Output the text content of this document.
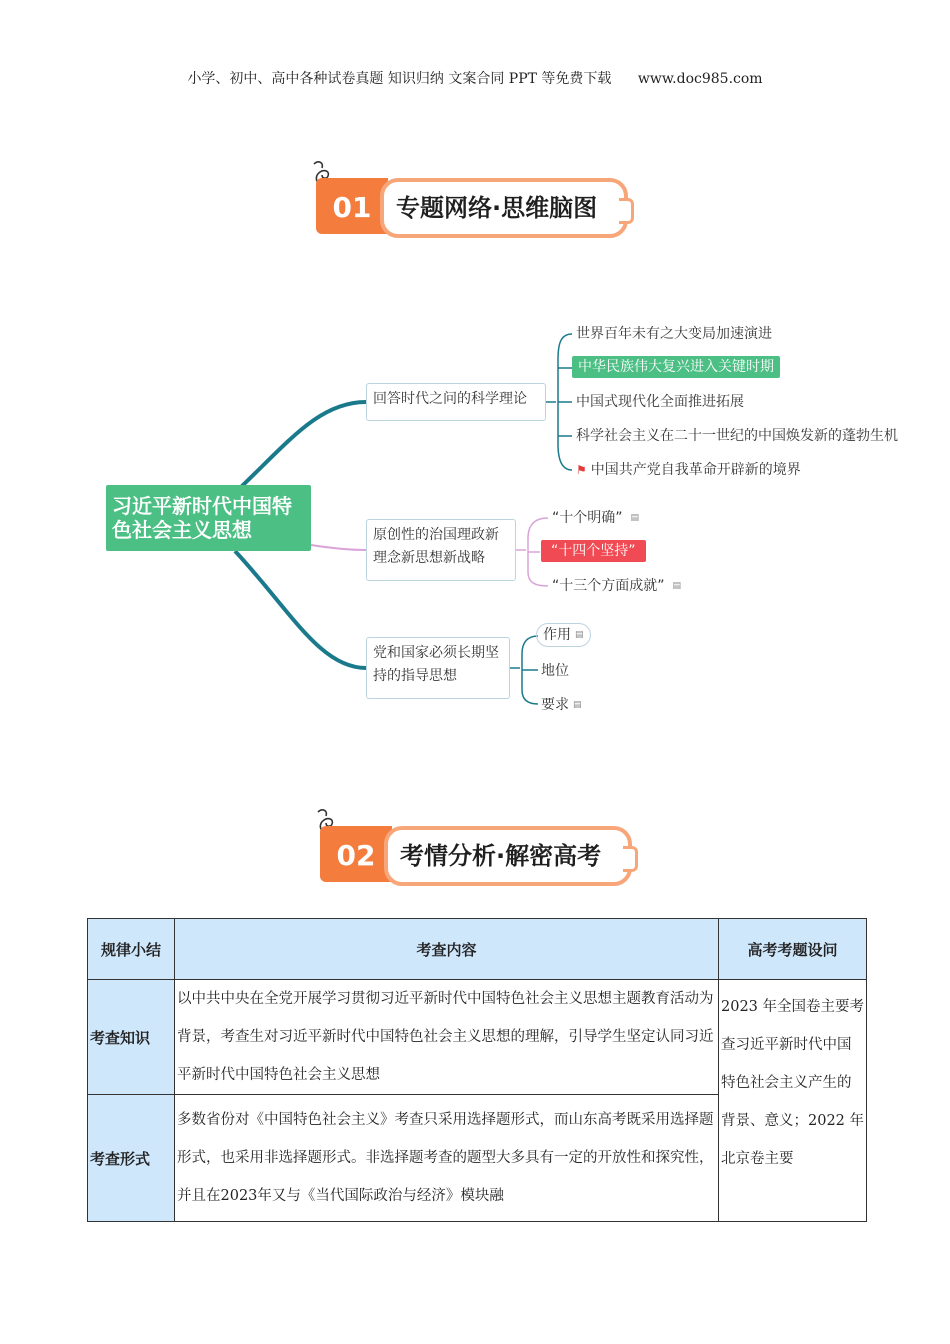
小学、初中、高中各种试卷真题 知识归纳 文案合同 PPT 等免费下载 www.doc985.com
01	专题网络·思维脑图
习近平新时代中国特色社会主义思想
回答时代之问的科学理论
原创性的治国理政新理念新思想新战略
党和国家必须长期坚持的指导思想
世界百年未有之大变局加速演进
中华民族伟大复兴进入关键时期
中国式现代化全面推进拓展
科学社会主义在二十一世纪的中国焕发新的蓬勃生机
⚑ 中国共产党自我革命开辟新的境界
“十个明确” ▤
“十四个坚持”
“十三个方面成就” ▤
作用 ▤
地位
要求 ▤
02	考情分析·解密高考
规律小结	考查内容	高考考题设问
考查知识	以中共中央在全党开展学习贯彻习近平新时代中国特色社会主义思想主题教育活动为背景，考查生对习近平新时代中国特色社会主义思想的理解，引导学生坚定认同习近平新时代中国特色社会主义思想	2023 年全国卷主要考查习近平新时代中国特色社会主义产生的背景、意义；2022 年北京卷主要
考查形式	多数省份对《中国特色社会主义》考查只采用选择题形式，而山东高考既采用选择题形式，也采用非选择题形式。非选择题考查的题型大多具有一定的开放性和探究性，并且在2023年又与《当代国际政治与经济》模块融	
